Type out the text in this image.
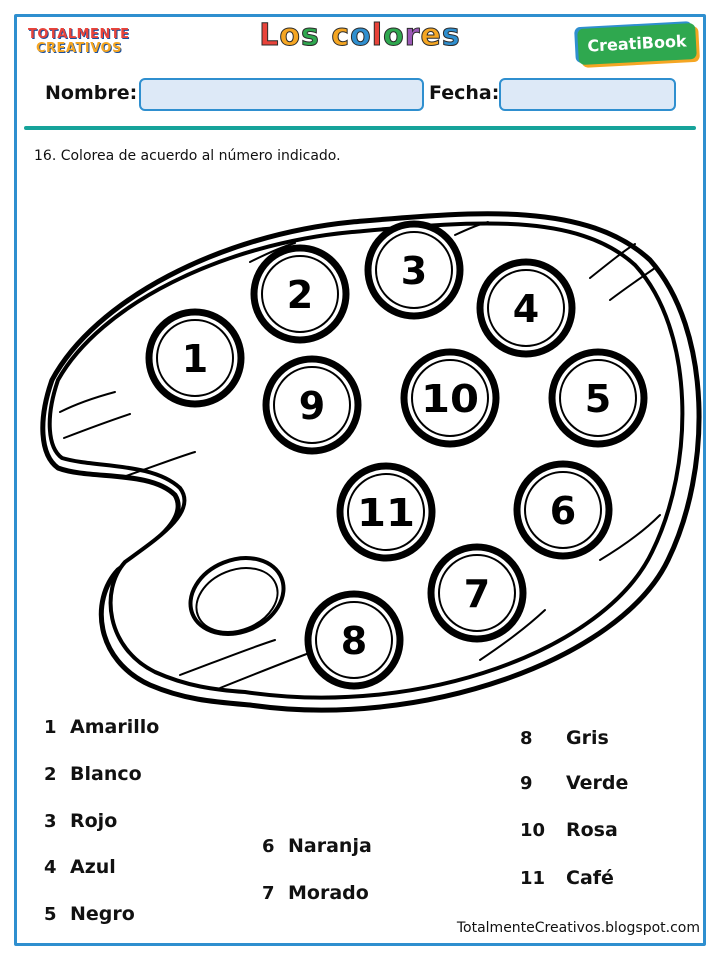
TOTALMENTE
CREATIVOS	Los colores	CreatiBook
Nombre:	Fecha:
16. Colorea de acuerdo al número indicado.
1
2
3
4
5
6
7
8
9	10
11
1 Amarillo
2 Blanco
3 Rojo
4 Azul
5 Negro
6 Naranja
7 Morado
8 Gris
9 Verde
10 Rosa
11 Café
TotalmenteCreativos.blogspot.com
